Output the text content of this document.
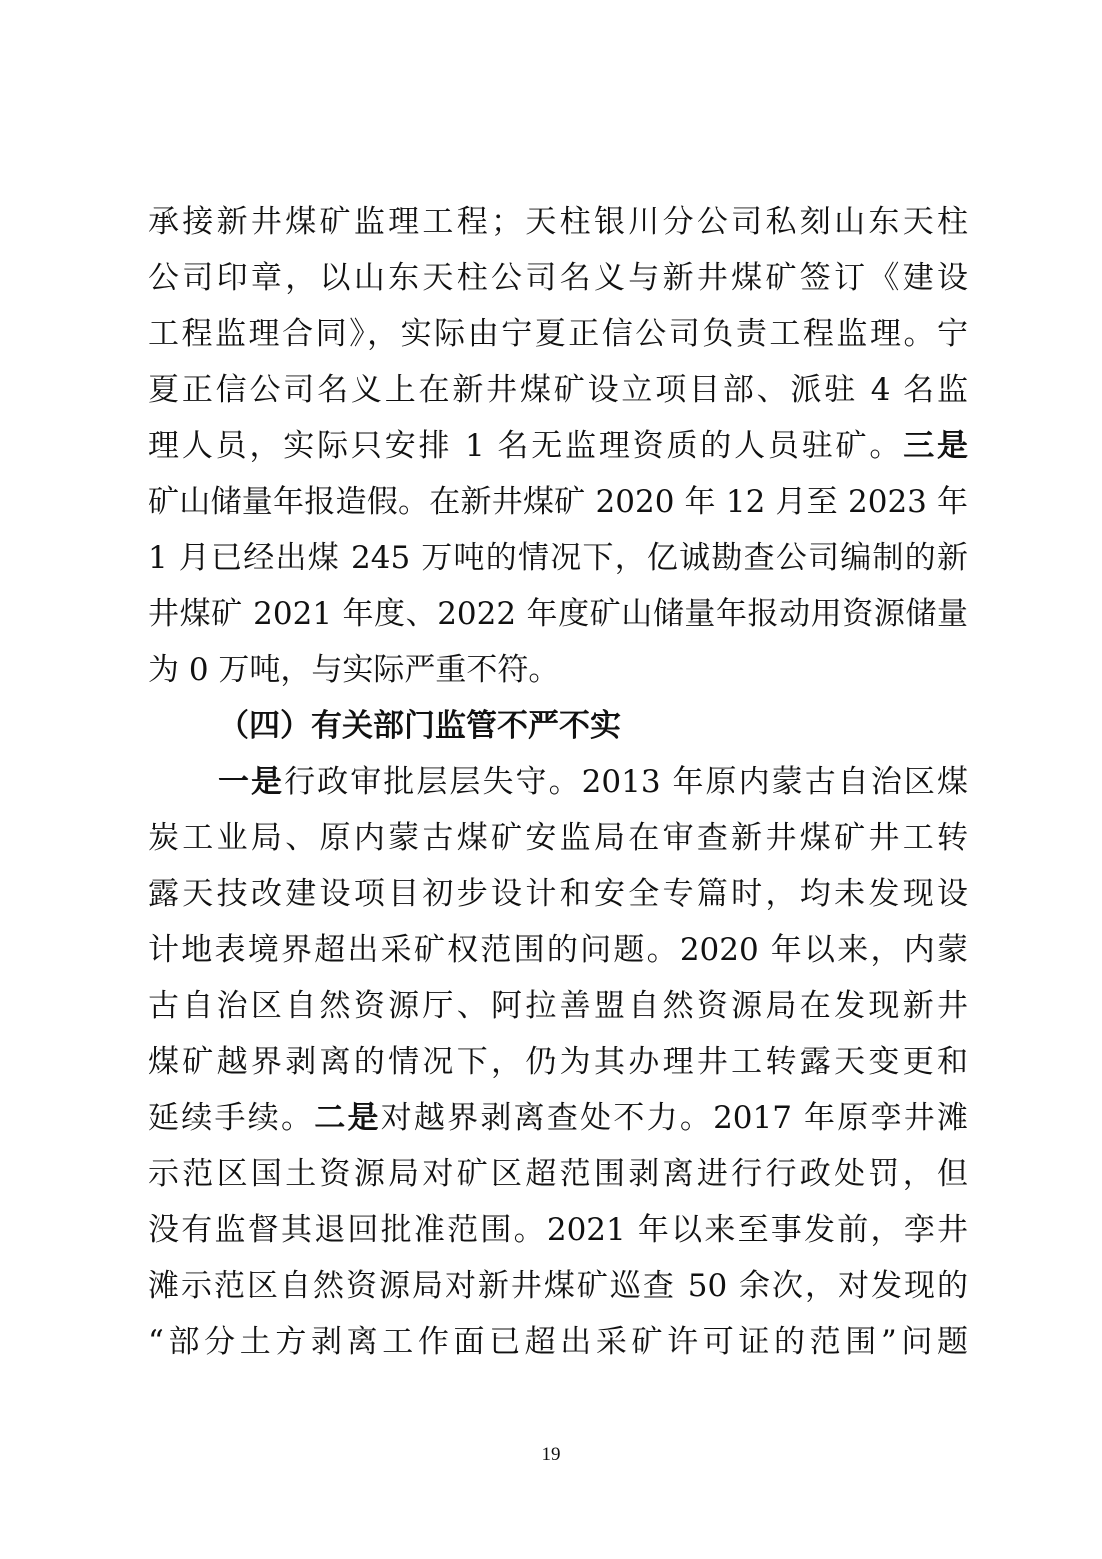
承接新井煤矿监理工程；天柱银川分公司私刻山东天柱
公司印章，以山东天柱公司名义与新井煤矿签订《建设
工程监理合同》，实际由宁夏正信公司负责工程监理。宁
夏正信公司名义上在新井煤矿设立项目部、派驻 4 名监
理人员，实际只安排 1 名无监理资质的人员驻矿。三是
矿山储量年报造假。在新井煤矿 2020 年 12 月至 2023 年
1 月已经出煤 245 万吨的情况下，亿诚勘查公司编制的新
井煤矿 2021 年度、2022 年度矿山储量年报动用资源储量
为 0 万吨，与实际严重不符。
（四）有关部门监管不严不实
一是行政审批层层失守。2013 年原内蒙古自治区煤
炭工业局、原内蒙古煤矿安监局在审查新井煤矿井工转
露天技改建设项目初步设计和安全专篇时，均未发现设
计地表境界超出采矿权范围的问题。2020 年以来，内蒙
古自治区自然资源厅、阿拉善盟自然资源局在发现新井
煤矿越界剥离的情况下，仍为其办理井工转露天变更和
延续手续。二是对越界剥离查处不力。2017 年原孪井滩
示范区国土资源局对矿区超范围剥离进行行政处罚，但
没有监督其退回批准范围。2021 年以来至事发前，孪井
滩示范区自然资源局对新井煤矿巡查 50 余次，对发现的
“部分土方剥离工作面已超出采矿许可证的范围”问题
19
